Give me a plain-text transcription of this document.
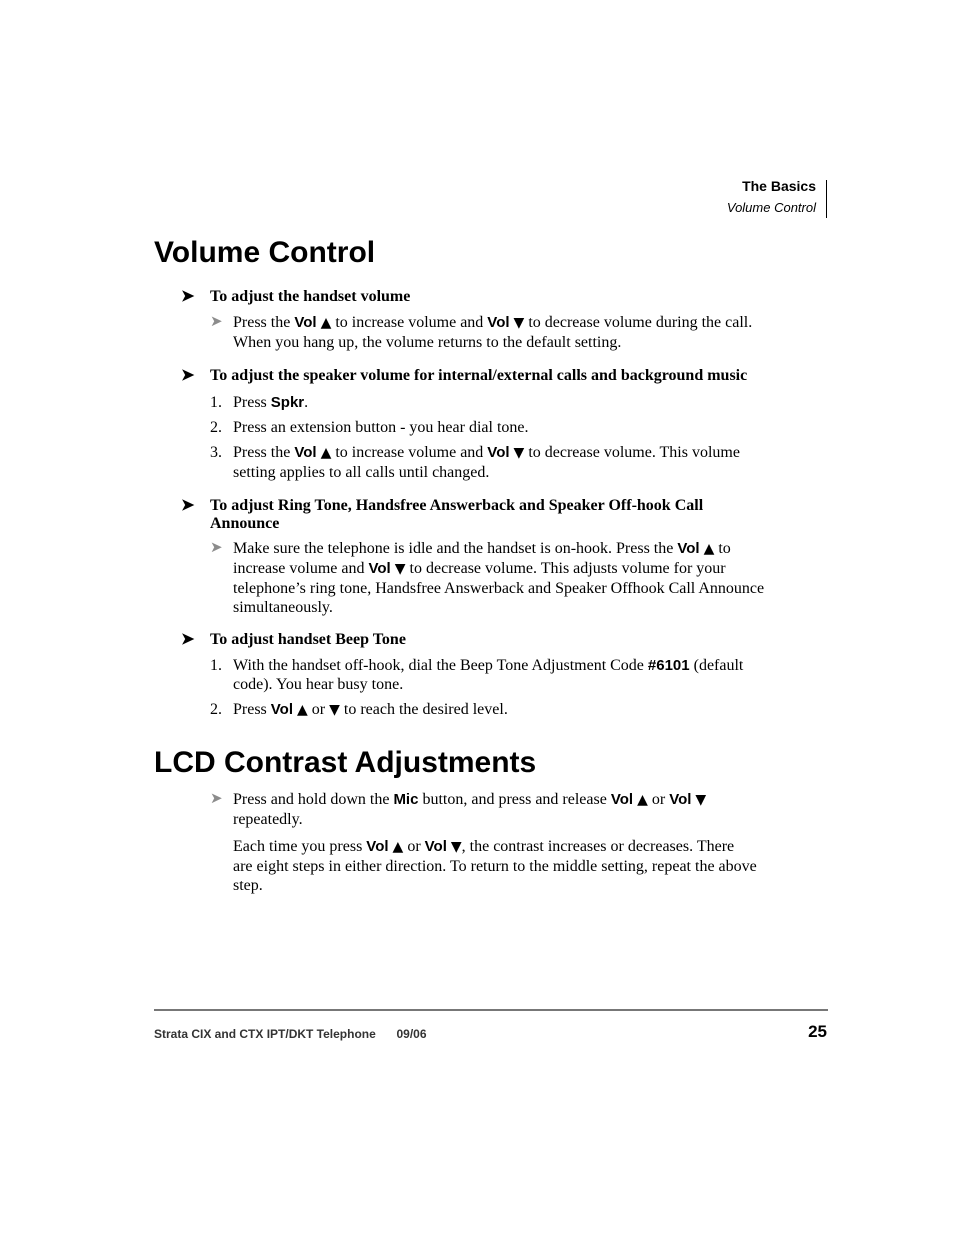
The Basics
Volume Control
Volume Control
➤ To adjust the handset volume
➤ Press the Vol ▲ to increase volume and Vol ▼ to decrease volume during the call.
When you hang up, the volume returns to the default setting.
➤ To adjust the speaker volume for internal/external calls and background music
1. Press Spkr.
2. Press an extension button - you hear dial tone.
3. Press the Vol ▲ to increase volume and Vol ▼ to decrease volume. This volume
setting applies to all calls until changed.
➤ To adjust Ring Tone, Handsfree Answerback and Speaker Off-hook Call
Announce
➤ Make sure the telephone is idle and the handset is on-hook. Press the Vol ▲ to
increase volume and Vol ▼ to decrease volume. This adjusts volume for your
telephone’s ring tone, Handsfree Answerback and Speaker Offhook Call Announce
simultaneously.
➤ To adjust handset Beep Tone
1. With the handset off-hook, dial the Beep Tone Adjustment Code #6101 (default
code). You hear busy tone.
2. Press Vol ▲ or ▼ to reach the desired level.
LCD Contrast Adjustments
➤ Press and hold down the Mic button, and press and release Vol ▲ or Vol ▼
repeatedly.
Each time you press Vol ▲ or Vol ▼, the contrast increases or decreases. There
are eight steps in either direction. To return to the middle setting, repeat the above
step.
Strata CIX and CTX IPT/DKT Telephone 09/06	25
